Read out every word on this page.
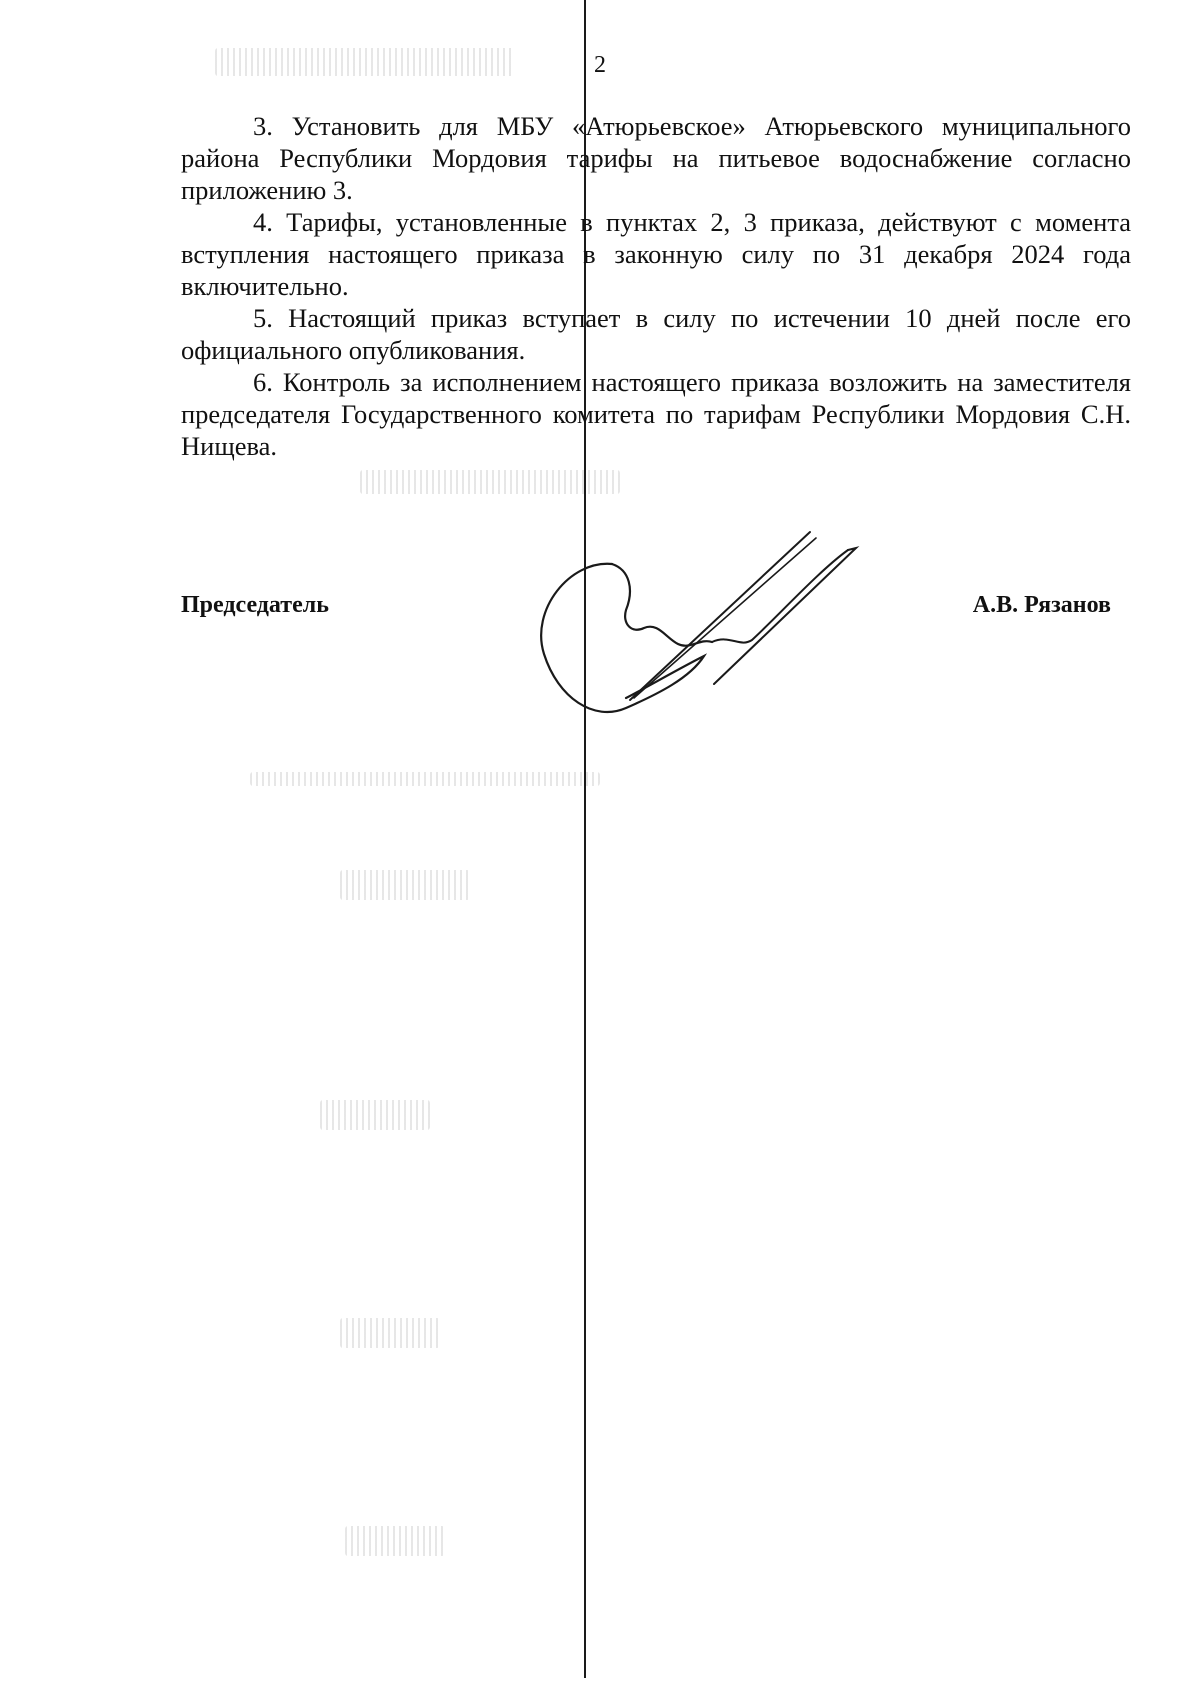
2

3. Установить для МБУ «Атюрьевское» Атюрьевского муниципального района Республики Мордовия тарифы на питьевое водоснабжение согласно приложению 3.

4. Тарифы, установленные в пунктах 2, 3 приказа, действуют с момента вступления настоящего приказа в законную силу по 31 декабря 2024 года включительно.

5. Настоящий приказ вступает в силу по истечении 10 дней после его официального опубликования.

6. Контроль за исполнением настоящего приказа возложить на заместителя председателя Государственного комитета по тарифам Республики Мордовия С.Н. Нищева.

Председатель	А.В. Рязанов
